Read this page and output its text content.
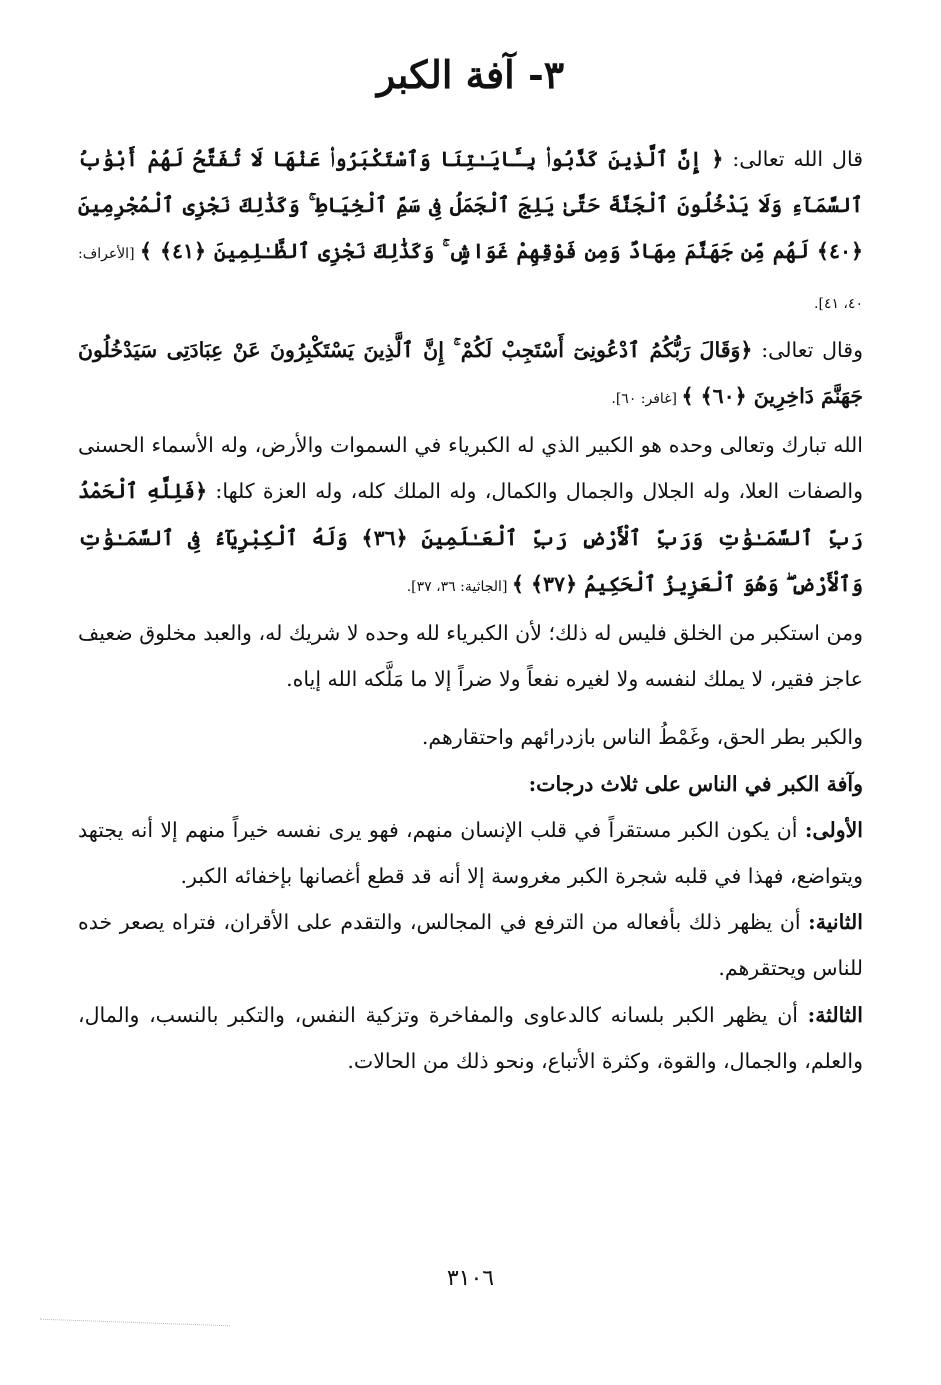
٣- آفة الكبر

قال الله تعالى: ﴿ إِنَّ ٱلَّذِينَ كَذَّبُوا۟ بِـَٔايَـٰتِنَا وَٱسْتَكْبَرُوا۟ عَنْهَا لَا تُفَتَّحُ لَهُمْ أَبْوَٰبُ ٱلسَّمَآءِ وَلَا يَدْخُلُونَ ٱلْجَنَّةَ حَتَّىٰ يَلِجَ ٱلْجَمَلُ فِى سَمِّ ٱلْخِيَاطِ ۚ وَكَذَٰلِكَ نَجْزِى ٱلْمُجْرِمِينَ ﴿٤٠﴾ لَهُم مِّن جَهَنَّمَ مِهَادٌ وَمِن فَوْقِهِمْ غَوَاشٍ ۚ وَكَذَٰلِكَ نَجْزِى ٱلظَّـٰلِمِينَ ﴿٤١﴾ ﴾ [الأعراف: ٤٠، ٤١].

وقال تعالى: ﴿وَقَالَ رَبُّكُمُ ٱدْعُونِىٓ أَسْتَجِبْ لَكُمْ ۚ إِنَّ ٱلَّذِينَ يَسْتَكْبِرُونَ عَنْ عِبَادَتِى سَيَدْخُلُونَ جَهَنَّمَ دَاخِرِينَ ﴿٦٠﴾ ﴾ [غافر: ٦٠].

الله تبارك وتعالى وحده هو الكبير الذي له الكبرياء في السموات والأرض، وله الأسماء الحسنى والصفات العلا، وله الجلال والجمال والكمال، وله الملك كله، وله العزة كلها: ﴿فَلِلَّهِ ٱلْحَمْدُ رَبِّ ٱلسَّمَـٰوَٰتِ وَرَبِّ ٱلْأَرْضِ رَبِّ ٱلْعَـٰلَمِينَ ﴿٣٦﴾ وَلَهُ ٱلْكِبْرِيَآءُ فِى ٱلسَّمَـٰوَٰتِ وَٱلْأَرْضِ ۖ وَهُوَ ٱلْعَزِيزُ ٱلْحَكِيمُ ﴿٣٧﴾ ﴾ [الجاثية: ٣٦، ٣٧].

ومن استكبر من الخلق فليس له ذلك؛ لأن الكبرياء لله وحده لا شريك له، والعبد مخلوق ضعيف عاجز فقير، لا يملك لنفسه ولا لغيره نفعاً ولا ضراً إلا ما مَلَّكه الله إياه.

والكبر بطر الحق، وغَمْطُ الناس بازدرائهم واحتقارهم.

وآفة الكبر في الناس على ثلاث درجات:

الأولى: أن يكون الكبر مستقراً في قلب الإنسان منهم، فهو يرى نفسه خيراً منهم إلا أنه يجتهد ويتواضع، فهذا في قلبه شجرة الكبر مغروسة إلا أنه قد قطع أغصانها بإخفائه الكبر.

الثانية: أن يظهر ذلك بأفعاله من الترفع في المجالس، والتقدم على الأقران، فتراه يصعر خده للناس ويحتقرهم.

الثالثة: أن يظهر الكبر بلسانه كالدعاوى والمفاخرة وتزكية النفس، والتكبر بالنسب، والمال، والعلم، والجمال، والقوة، وكثرة الأتباع، ونحو ذلك من الحالات.

٣١٠٦
